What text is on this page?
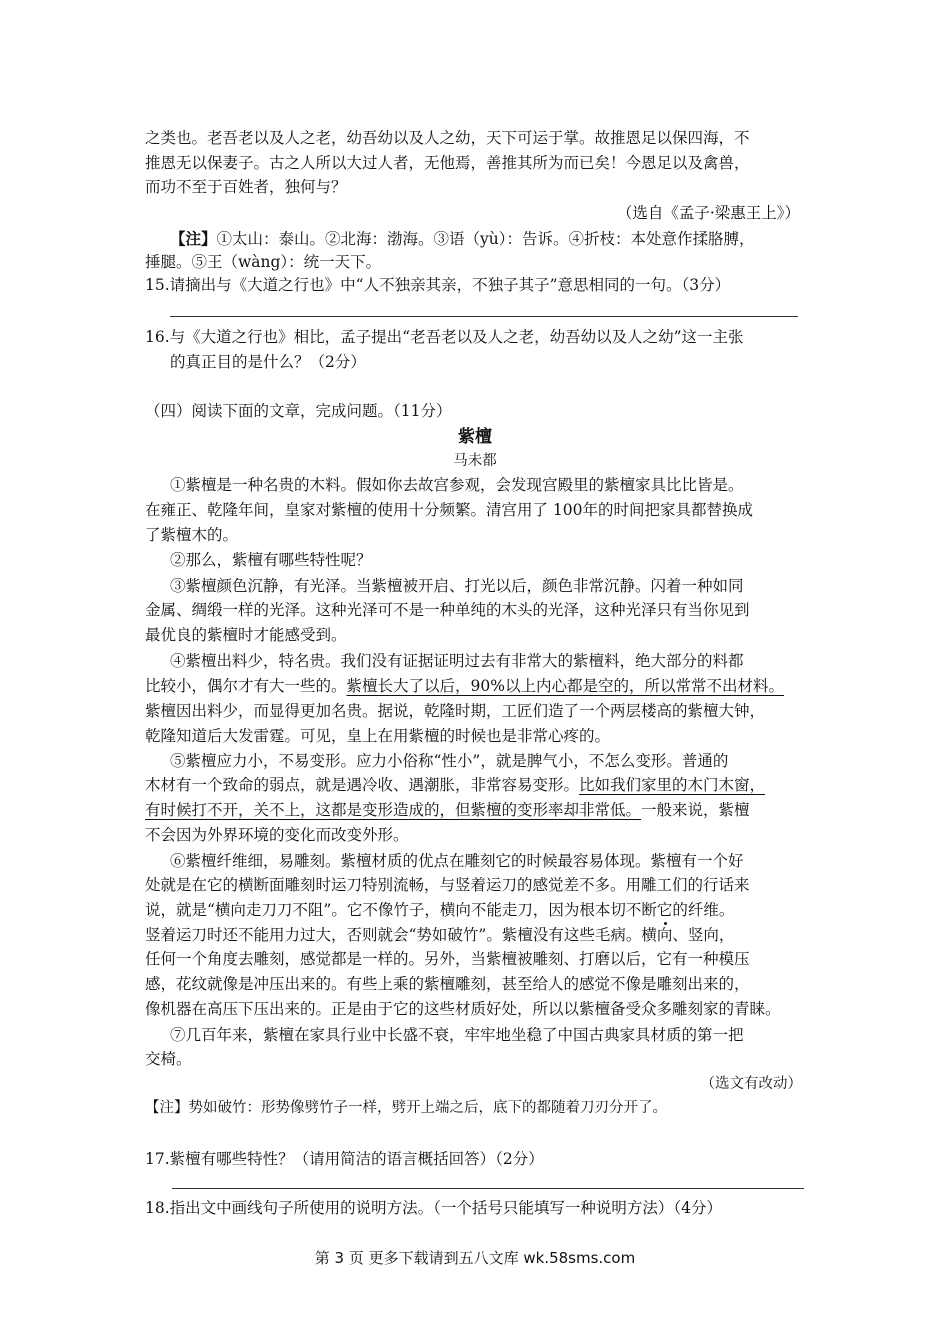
之类也。老吾老以及人之老，幼吾幼以及人之幼，天下可运于掌。故推恩足以保四海，不
推恩无以保妻子。古之人所以大过人者，无他焉，善推其所为而已矣！今恩足以及禽兽，
而功不至于百姓者，独何与？
（选自《孟子·梁惠王上》）
【注】①太山：泰山。②北海：渤海。③语（yù）：告诉。④折枝：本处意作揉胳膊，
捶腿。⑤王（wàng）：统一天下。
15.请摘出与《大道之行也》中“人不独亲其亲，不独子其子”意思相同的一句。（3分）
16.与《大道之行也》相比，孟子提出“老吾老以及人之老，幼吾幼以及人之幼”这一主张
的真正目的是什么？（2分）
（四）阅读下面的文章，完成问题。（11分）
紫檀
马未都
①紫檀是一种名贵的木料。假如你去故宫参观，会发现宫殿里的紫檀家具比比皆是。
在雍正、乾隆年间，皇家对紫檀的使用十分频繁。清宫用了 100年的时间把家具都替换成
了紫檀木的。
②那么，紫檀有哪些特性呢？
③紫檀颜色沉静，有光泽。当紫檀被开启、打光以后，颜色非常沉静。闪着一种如同
金属、绸缎一样的光泽。这种光泽可不是一种单纯的木头的光泽，这种光泽只有当你见到
最优良的紫檀时才能感受到。
④紫檀出料少，特名贵。我们没有证据证明过去有非常大的紫檀料，绝大部分的料都
比较小，偶尔才有大一些的。紫檀长大了以后，90%以上内心都是空的，所以常常不出材料。
紫檀因出料少，而显得更加名贵。据说，乾隆时期，工匠们造了一个两层楼高的紫檀大钟，
乾隆知道后大发雷霆。可见，皇上在用紫檀的时候也是非常心疼的。
⑤紫檀应力小，不易变形。应力小俗称“性小”，就是脾气小，不怎么变形。普通的
木材有一个致命的弱点，就是遇冷收、遇潮胀，非常容易变形。比如我们家里的木门木窗，
有时候打不开，关不上，这都是变形造成的，但紫檀的变形率却非常低。一般来说，紫檀
不会因为外界环境的变化而改变外形。
⑥紫檀纤维细，易雕刻。紫檀材质的优点在雕刻它的时候最容易体现。紫檀有一个好
处就是在它的横断面雕刻时运刀特别流畅，与竖着运刀的感觉差不多。用雕工们的行话来
说，就是“横向走刀刀不阻”。它不像竹子，横向不能走刀，因为根本切不断它的纤维。
竖着运刀时还不能用力过大，否则就会“势如破竹”。紫檀没有这些毛病。横向、竖向，
任何一个角度去雕刻，感觉都是一样的。另外，当紫檀被雕刻、打磨以后，它有一种模压
感，花纹就像是冲压出来的。有些上乘的紫檀雕刻，甚至给人的感觉不像是雕刻出来的，
像机器在高压下压出来的。正是由于它的这些材质好处，所以以紫檀备受众多雕刻家的青睐。
⑦几百年来，紫檀在家具行业中长盛不衰，牢牢地坐稳了中国古典家具材质的第一把
交椅。
（选文有改动）
【注】势如破竹：形势像劈竹子一样，劈开上端之后，底下的都随着刀刃分开了。
17.紫檀有哪些特性？（请用简洁的语言概括回答）（2分）
18.指出文中画线句子所使用的说明方法。（一个括号只能填写一种说明方法）（4分）
第 3 页 更多下载请到五八文库 wk.58sms.com
